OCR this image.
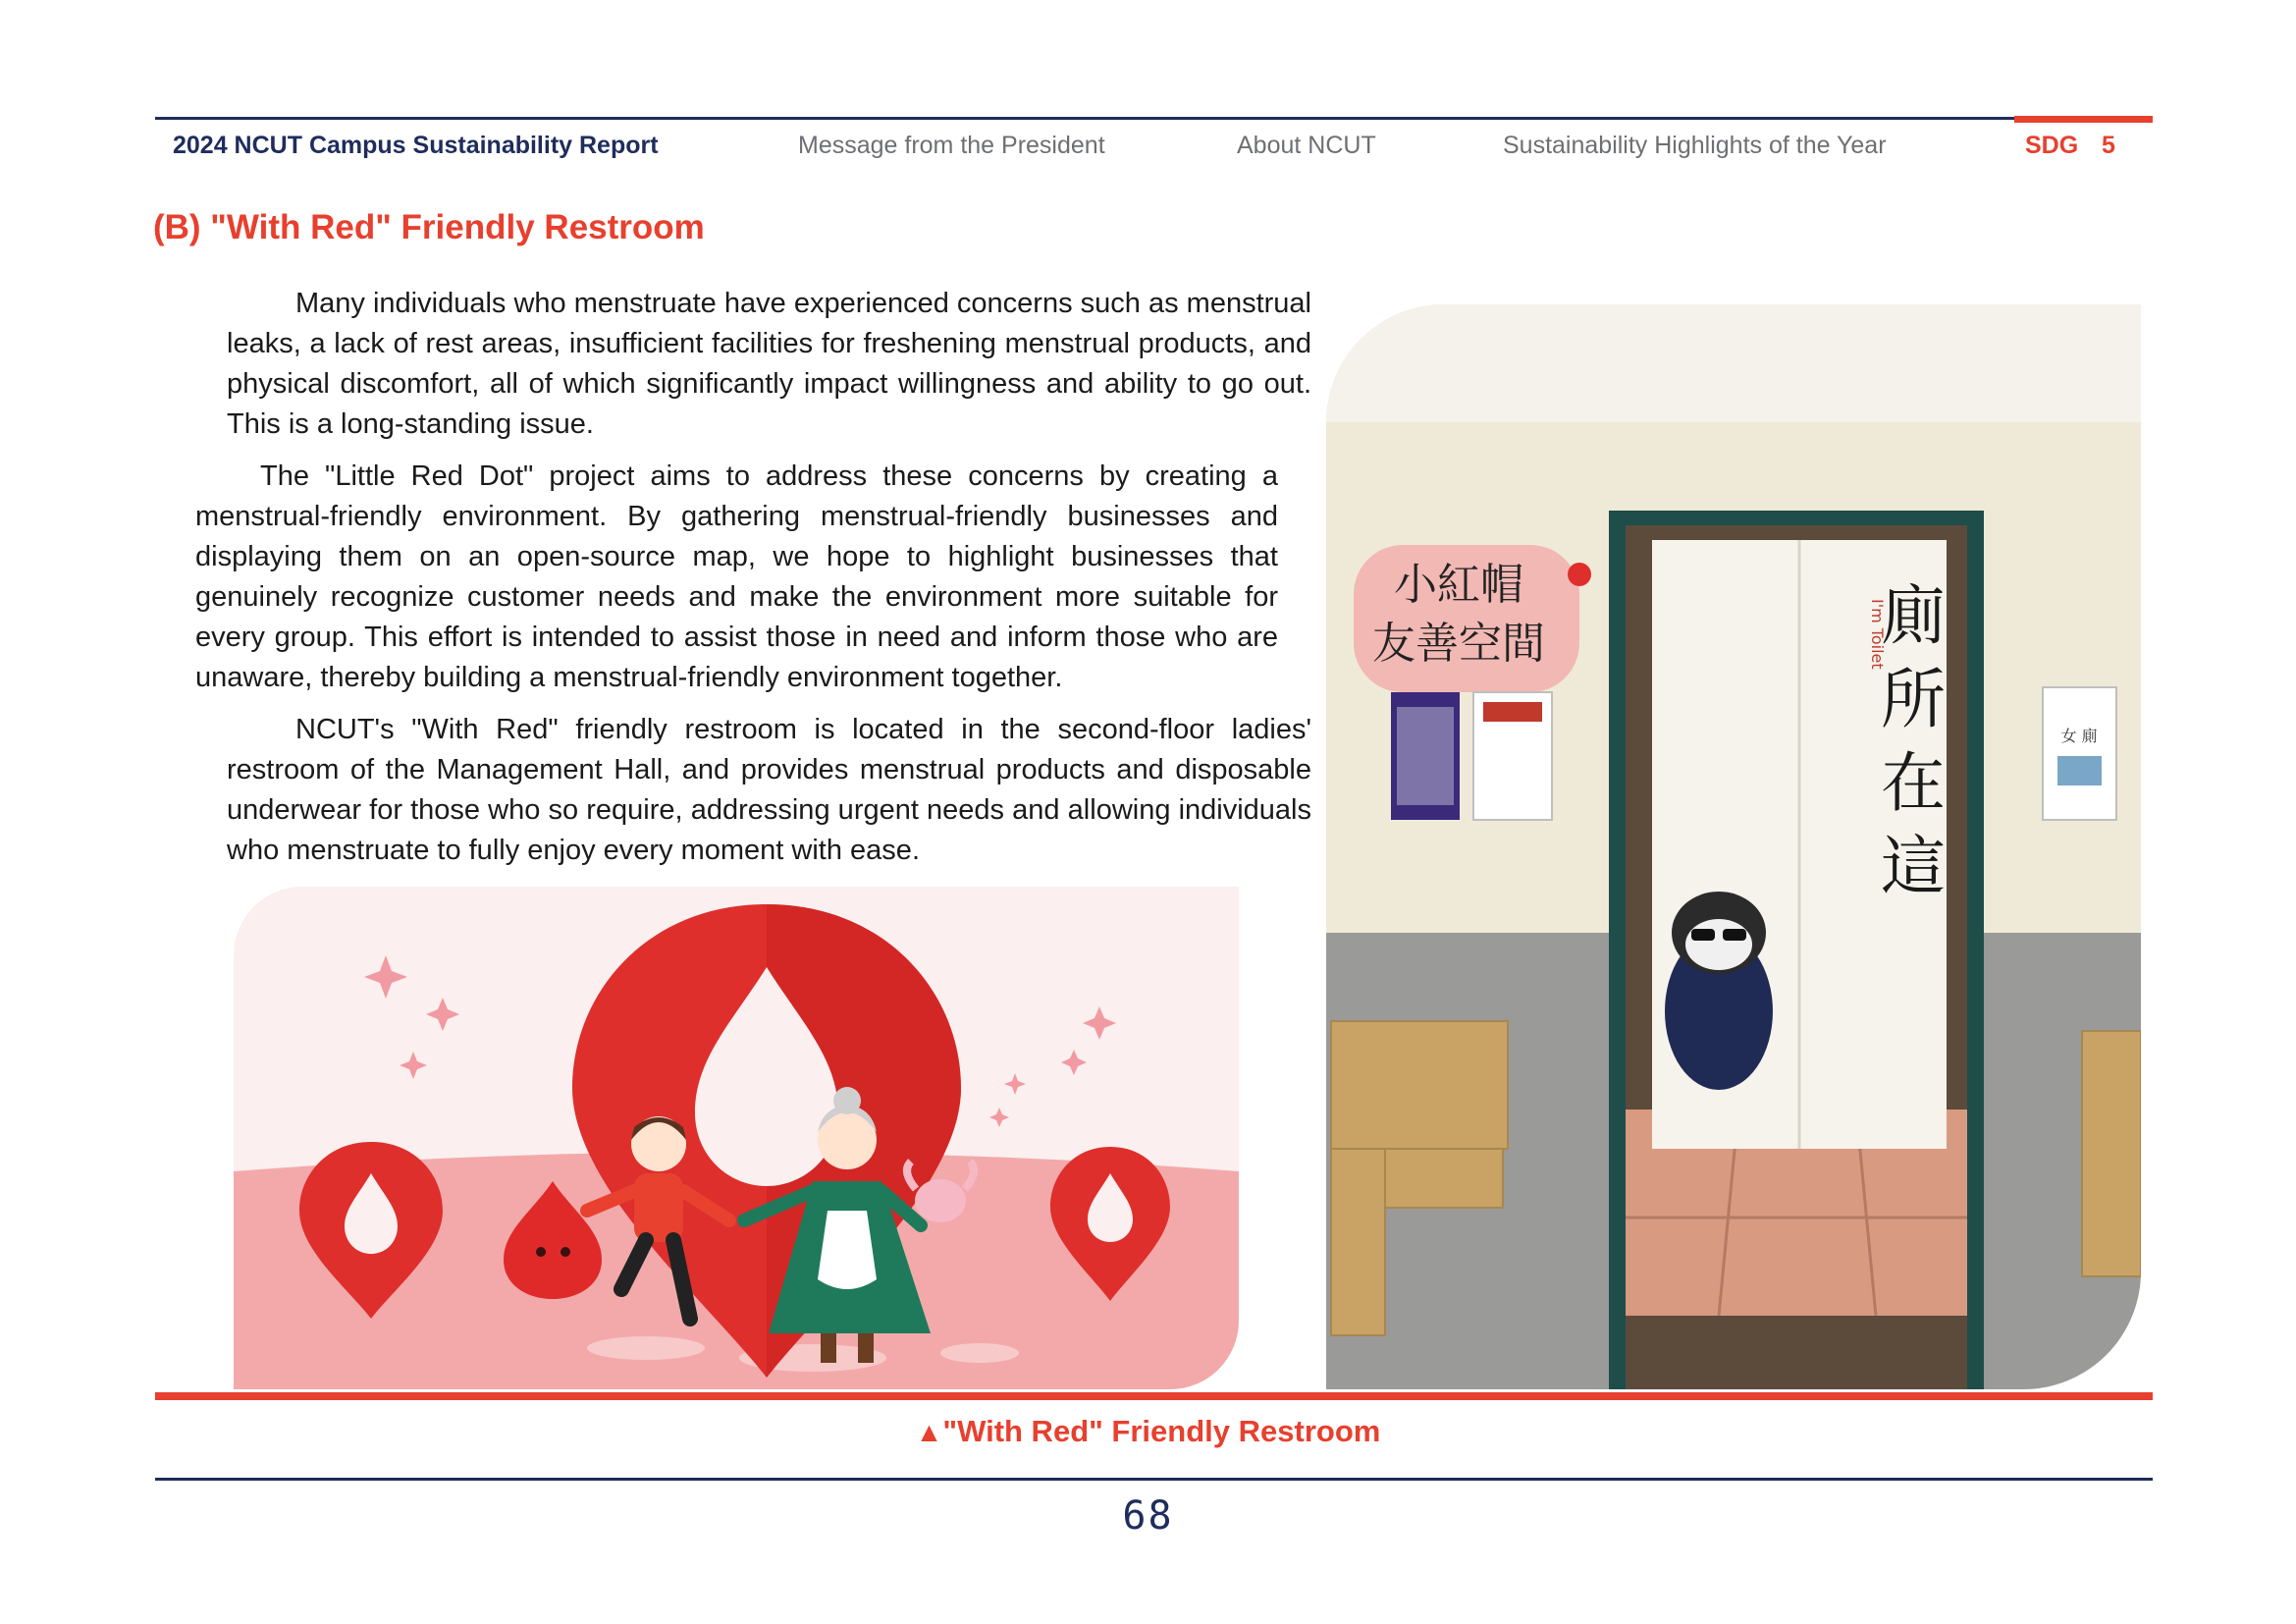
2024 NCUT Campus Sustainability Report	Message from the President	About NCUT	Sustainability Highlights of the Year	SDG 5
(B) "With Red" Friendly Restroom
Many individuals who menstruate have experienced concerns such as menstrual leaks, a lack of rest areas, insufficient facilities for freshening menstrual products, and physical discomfort, all of which significantly impact willingness and ability to go out. This is a long-standing issue.
The "Little Red Dot" project aims to address these concerns by creating a menstrual-friendly environment. By gathering menstrual-friendly businesses and displaying them on an open-source map, we hope to highlight businesses that genuinely recognize customer needs and make the environment more suitable for every group. This effort is intended to assist those in need and inform those who are unaware, thereby building a menstrual-friendly environment together.
NCUT's "With Red" friendly restroom is located in the second-floor ladies' restroom of the Management Hall, and provides menstrual products and disposable underwear for those who so require, addressing urgent needs and allowing individuals who menstruate to fully enjoy every moment with ease.
廁
所
在
這
I'm Toilet
小紅帽
友善空間
女 廁
▲"With Red" Friendly Restroom
68
